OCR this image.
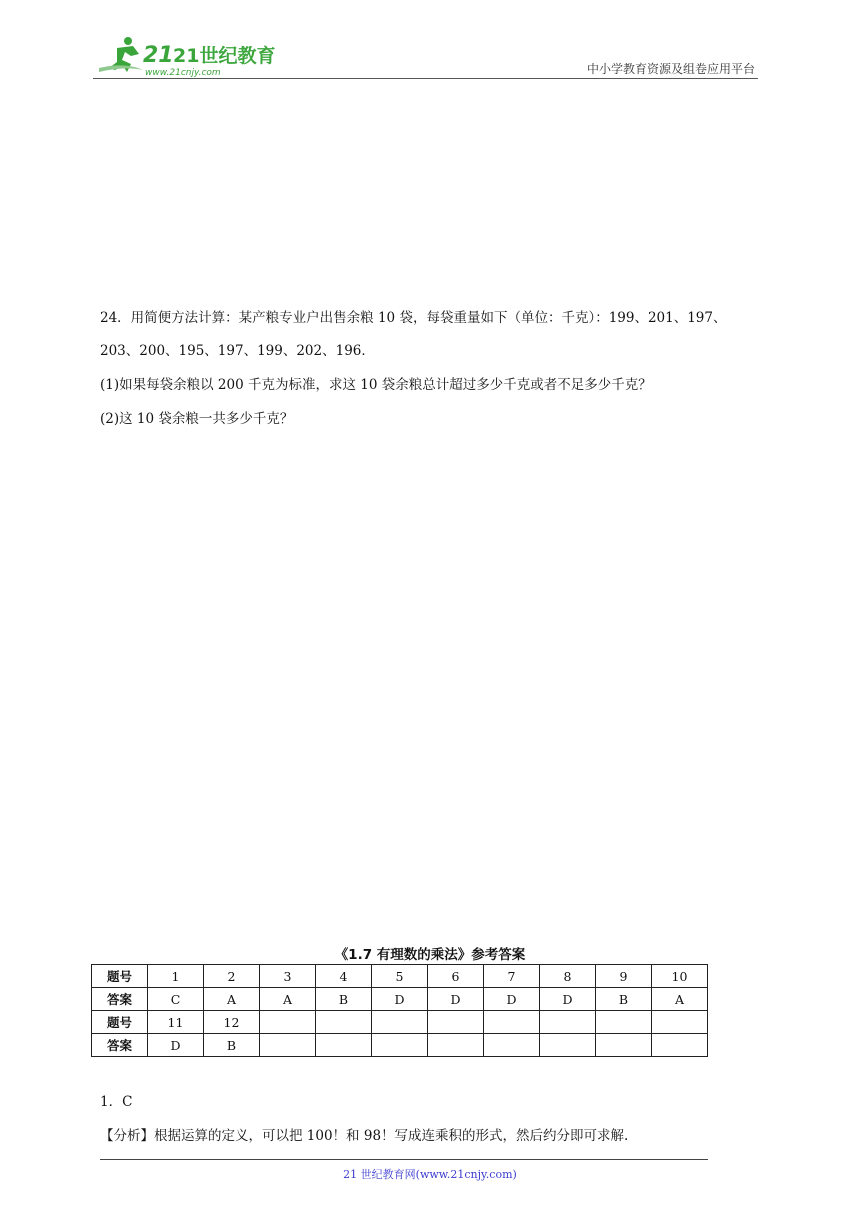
21 21世纪教育
www.21cnjy.com	中小学教育资源及组卷应用平台
24．用简便方法计算：某产粮专业户出售余粮 10 袋，每袋重量如下（单位：千克）：199、201、197、
203、200、195、197、199、202、196．
(1)如果每袋余粮以 200 千克为标准，求这 10 袋余粮总计超过多少千克或者不足多少千克？
(2)这 10 袋余粮一共多少千克？
《1.7 有理数的乘法》参考答案
题号	1	2	3	4	5	6	7	8	9	10
答案	C	A	A	B	D	D	D	D	B	A
题号	11	12								
答案	D	B								
1．C
【分析】根据运算的定义，可以把 100！和 98！写成连乘积的形式，然后约分即可求解.
21 世纪教育网(www.21cnjy.com)
